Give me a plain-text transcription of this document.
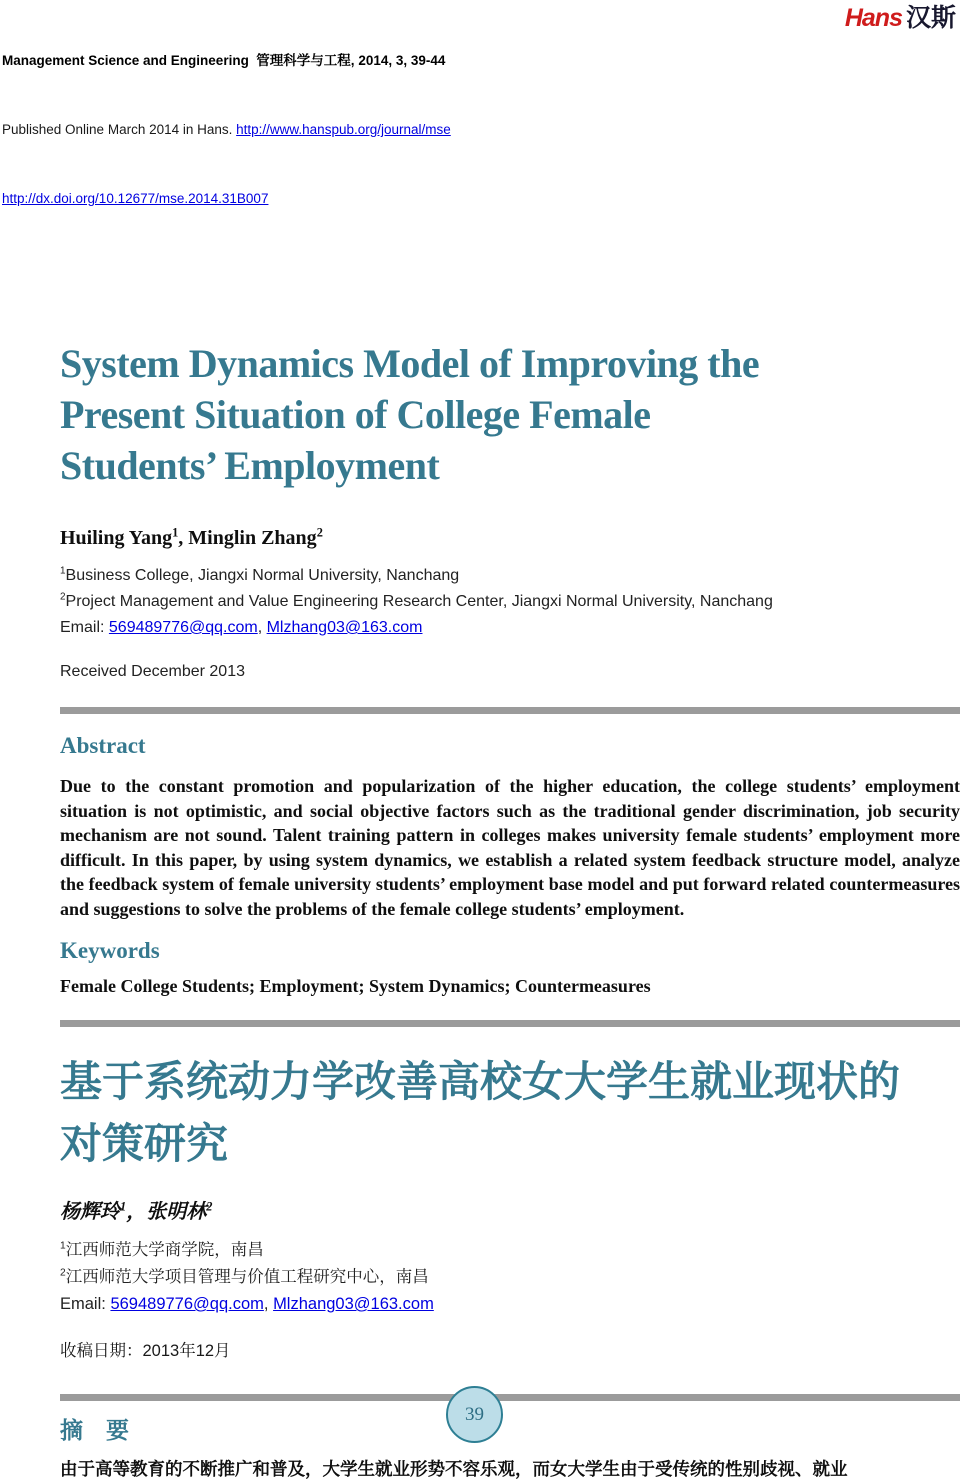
Management Science and Engineering  管理科学与工程, 2014, 3, 39-44

Published Online March 2014 in Hans. http://www.hanspub.org/journal/mse

http://dx.doi.org/10.12677/mse.2014.31B007

Hans 汉斯
System Dynamics Model of Improving the
Present Situation of College Female
Students’ Employment
Huiling Yang$^1$, Minglin Zhang$^2$
$^1$Business College, Jiangxi Normal University, Nanchang
$^2$Project Management and Value Engineering Research Center, Jiangxi Normal University, Nanchang
Email: 569489776@qq.com, Mlzhang03@163.com
Received December 2013
Abstract
Due to the constant promotion and popularization of the higher education, the college students’ employment situation is not optimistic, and social objective factors such as the traditional gender discrimination, job security mechanism are not sound. Talent training pattern in colleges makes university female students’ employment more difficult. In this paper, by using system dynamics, we establish a related system feedback structure model, analyze the feedback system of female university students’ employment base model and put forward related countermeasures and suggestions to solve the problems of the female college students’ employment.
Keywords
Female College Students; Employment; System Dynamics; Countermeasures
基于系统动力学改善高校女大学生就业现状的
对策研究
杨辉玲$^1$，张明林$^2$
$^1$江西师范大学商学院，南昌
$^2$江西师范大学项目管理与价值工程研究中心，南昌
Email: 569489776@qq.com, Mlzhang03@163.com
收稿日期：2013年12月
摘　要
由于高等教育的不断推广和普及，大学生就业形势不容乐观，而女大学生由于受传统的性别歧视、就业
39
